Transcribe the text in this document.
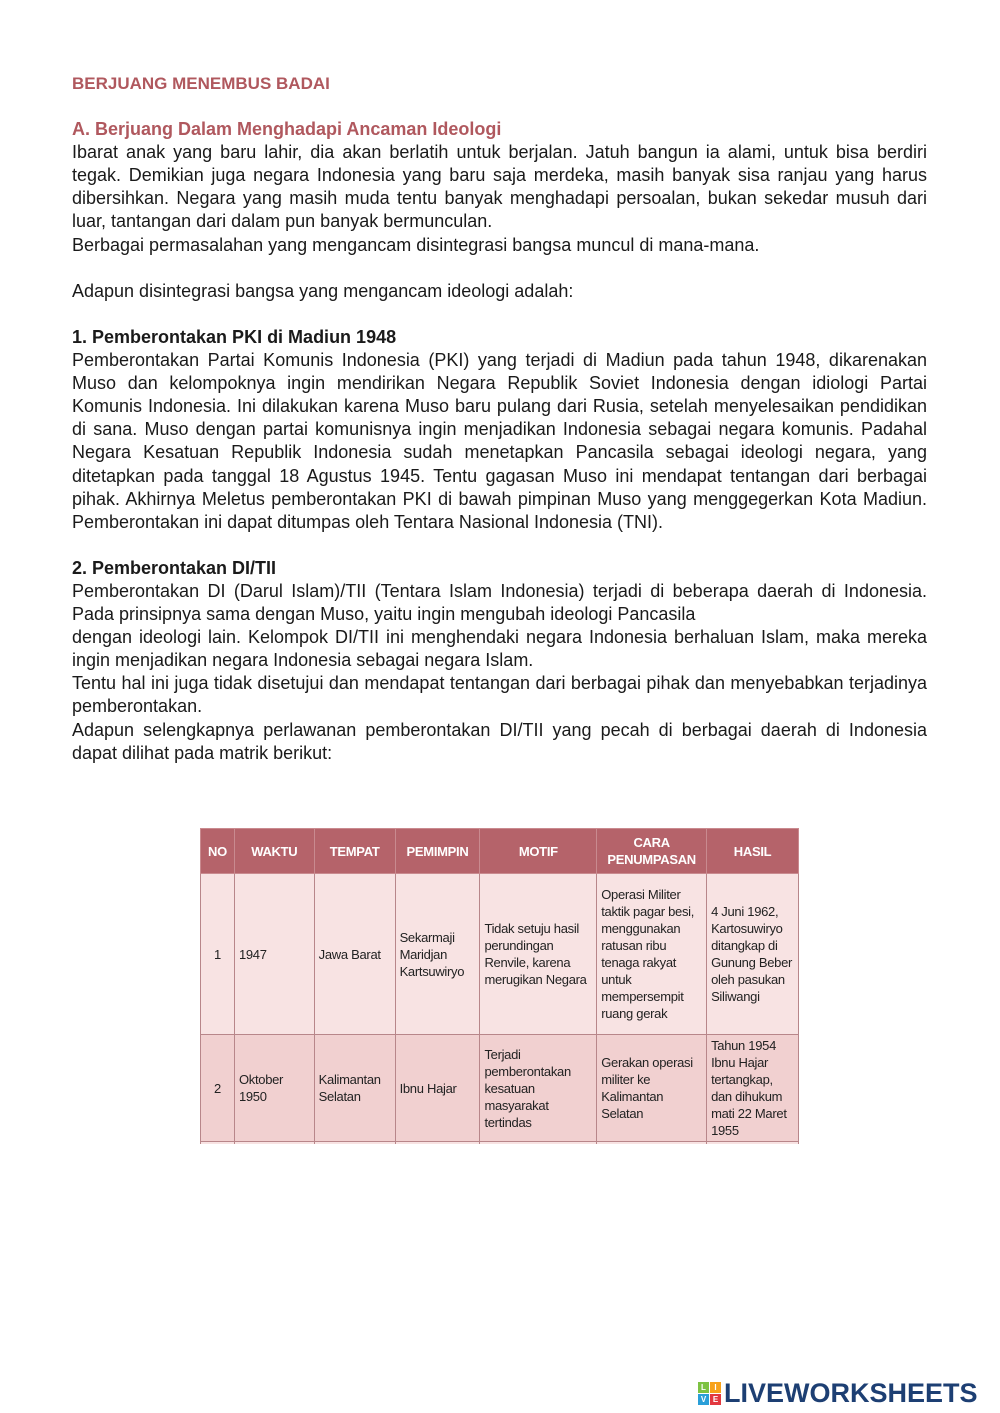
BERJUANG MENEMBUS BADAI
A. Berjuang Dalam Menghadapi Ancaman Ideologi

Ibarat anak yang baru lahir, dia akan berlatih untuk berjalan. Jatuh bangun ia alami, untuk bisa berdiri tegak. Demikian juga negara Indonesia yang baru saja merdeka, masih banyak sisa ranjau yang harus dibersihkan. Negara yang masih muda tentu banyak menghadapi persoalan, bukan sekedar musuh dari luar, tantangan dari dalam pun banyak bermunculan.

Berbagai permasalahan yang mengancam disintegrasi bangsa muncul di mana-mana.

Adapun disintegrasi bangsa yang mengancam ideologi adalah:

1. Pemberontakan PKI di Madiun 1948

Pemberontakan Partai Komunis Indonesia (PKI) yang terjadi di Madiun pada tahun 1948, dikarenakan Muso dan kelompoknya ingin mendirikan Negara Republik Soviet Indonesia dengan idiologi Partai Komunis Indonesia. Ini dilakukan karena Muso baru pulang dari Rusia, setelah menyelesaikan pendidikan di sana. Muso dengan partai komunisnya ingin menjadikan Indonesia sebagai negara komunis. Padahal Negara Kesatuan Republik Indonesia sudah menetapkan Pancasila sebagai ideologi negara, yang ditetapkan pada tanggal 18 Agustus 1945. Tentu gagasan Muso ini mendapat tentangan dari berbagai pihak. Akhirnya Meletus pemberontakan PKI di bawah pimpinan Muso yang menggegerkan Kota Madiun. Pemberontakan ini dapat ditumpas oleh Tentara Nasional Indonesia (TNI).

2. Pemberontakan DI/TII

Pemberontakan DI (Darul Islam)/TII (Tentara Islam Indonesia) terjadi di beberapa daerah di Indonesia. Pada prinsipnya sama dengan Muso, yaitu ingin mengubah ideologi Pancasila

dengan ideologi lain. Kelompok DI/TII ini menghendaki negara Indonesia berhaluan Islam, maka mereka ingin menjadikan negara Indonesia sebagai negara Islam.

Tentu hal ini juga tidak disetujui dan mendapat tentangan dari berbagai pihak dan menyebabkan terjadinya pemberontakan.

Adapun selengkapnya perlawanan pemberontakan DI/TII yang pecah di berbagai daerah di Indonesia dapat dilihat pada matrik berikut:

NO	WAKTU	TEMPAT	PEMIMPIN	MOTIF	CARA PENUMPASAN	HASIL
1	1947	Jawa Barat	Sekarmaji Maridjan Kartsuwiryo	Tidak setuju hasil perundingan Renvile, karena merugikan Negara	Operasi Militer taktik pagar besi, menggunakan ratusan ribu tenaga rakyat untuk mempersempit ruang gerak	4 Juni 1962, Kartosuwiryo ditangkap di Gunung Beber oleh pasukan Siliwangi
2	Oktober 1950	Kalimantan Selatan	Ibnu Hajar	Terjadi pemberontakan kesatuan masyarakat tertindas	Gerakan operasi militer ke Kalimantan Selatan	Tahun 1954 Ibnu Hajar tertangkap, dan dihukum mati 22 Maret 1955

L	I
V E LIVEWORKSHEETS
